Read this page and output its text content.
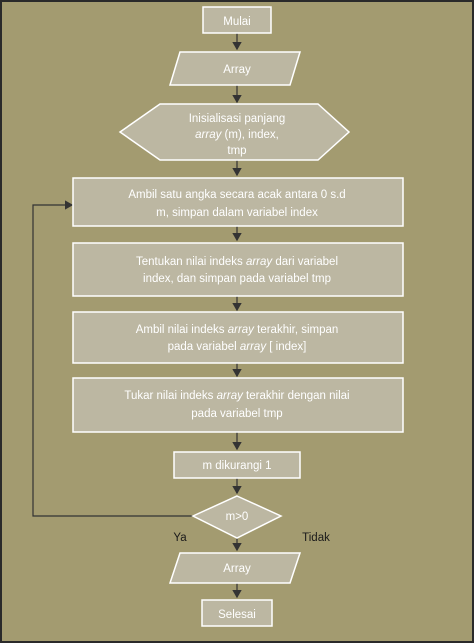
Mulai
Array
Inisialisasi panjang
array (m), index,
tmp
Ambil satu angka secara acak antara 0 s.d
m, simpan dalam variabel index
Tentukan nilai indeks array dari variabel
index, dan simpan pada variabel tmp
Ambil nilai indeks array terakhir, simpan
pada variabel array [ index]
Tukar nilai indeks array terakhir dengan nilai
pada variabel tmp
m dikurangi 1
m>0
Ya	Tidak
Array
Selesai
